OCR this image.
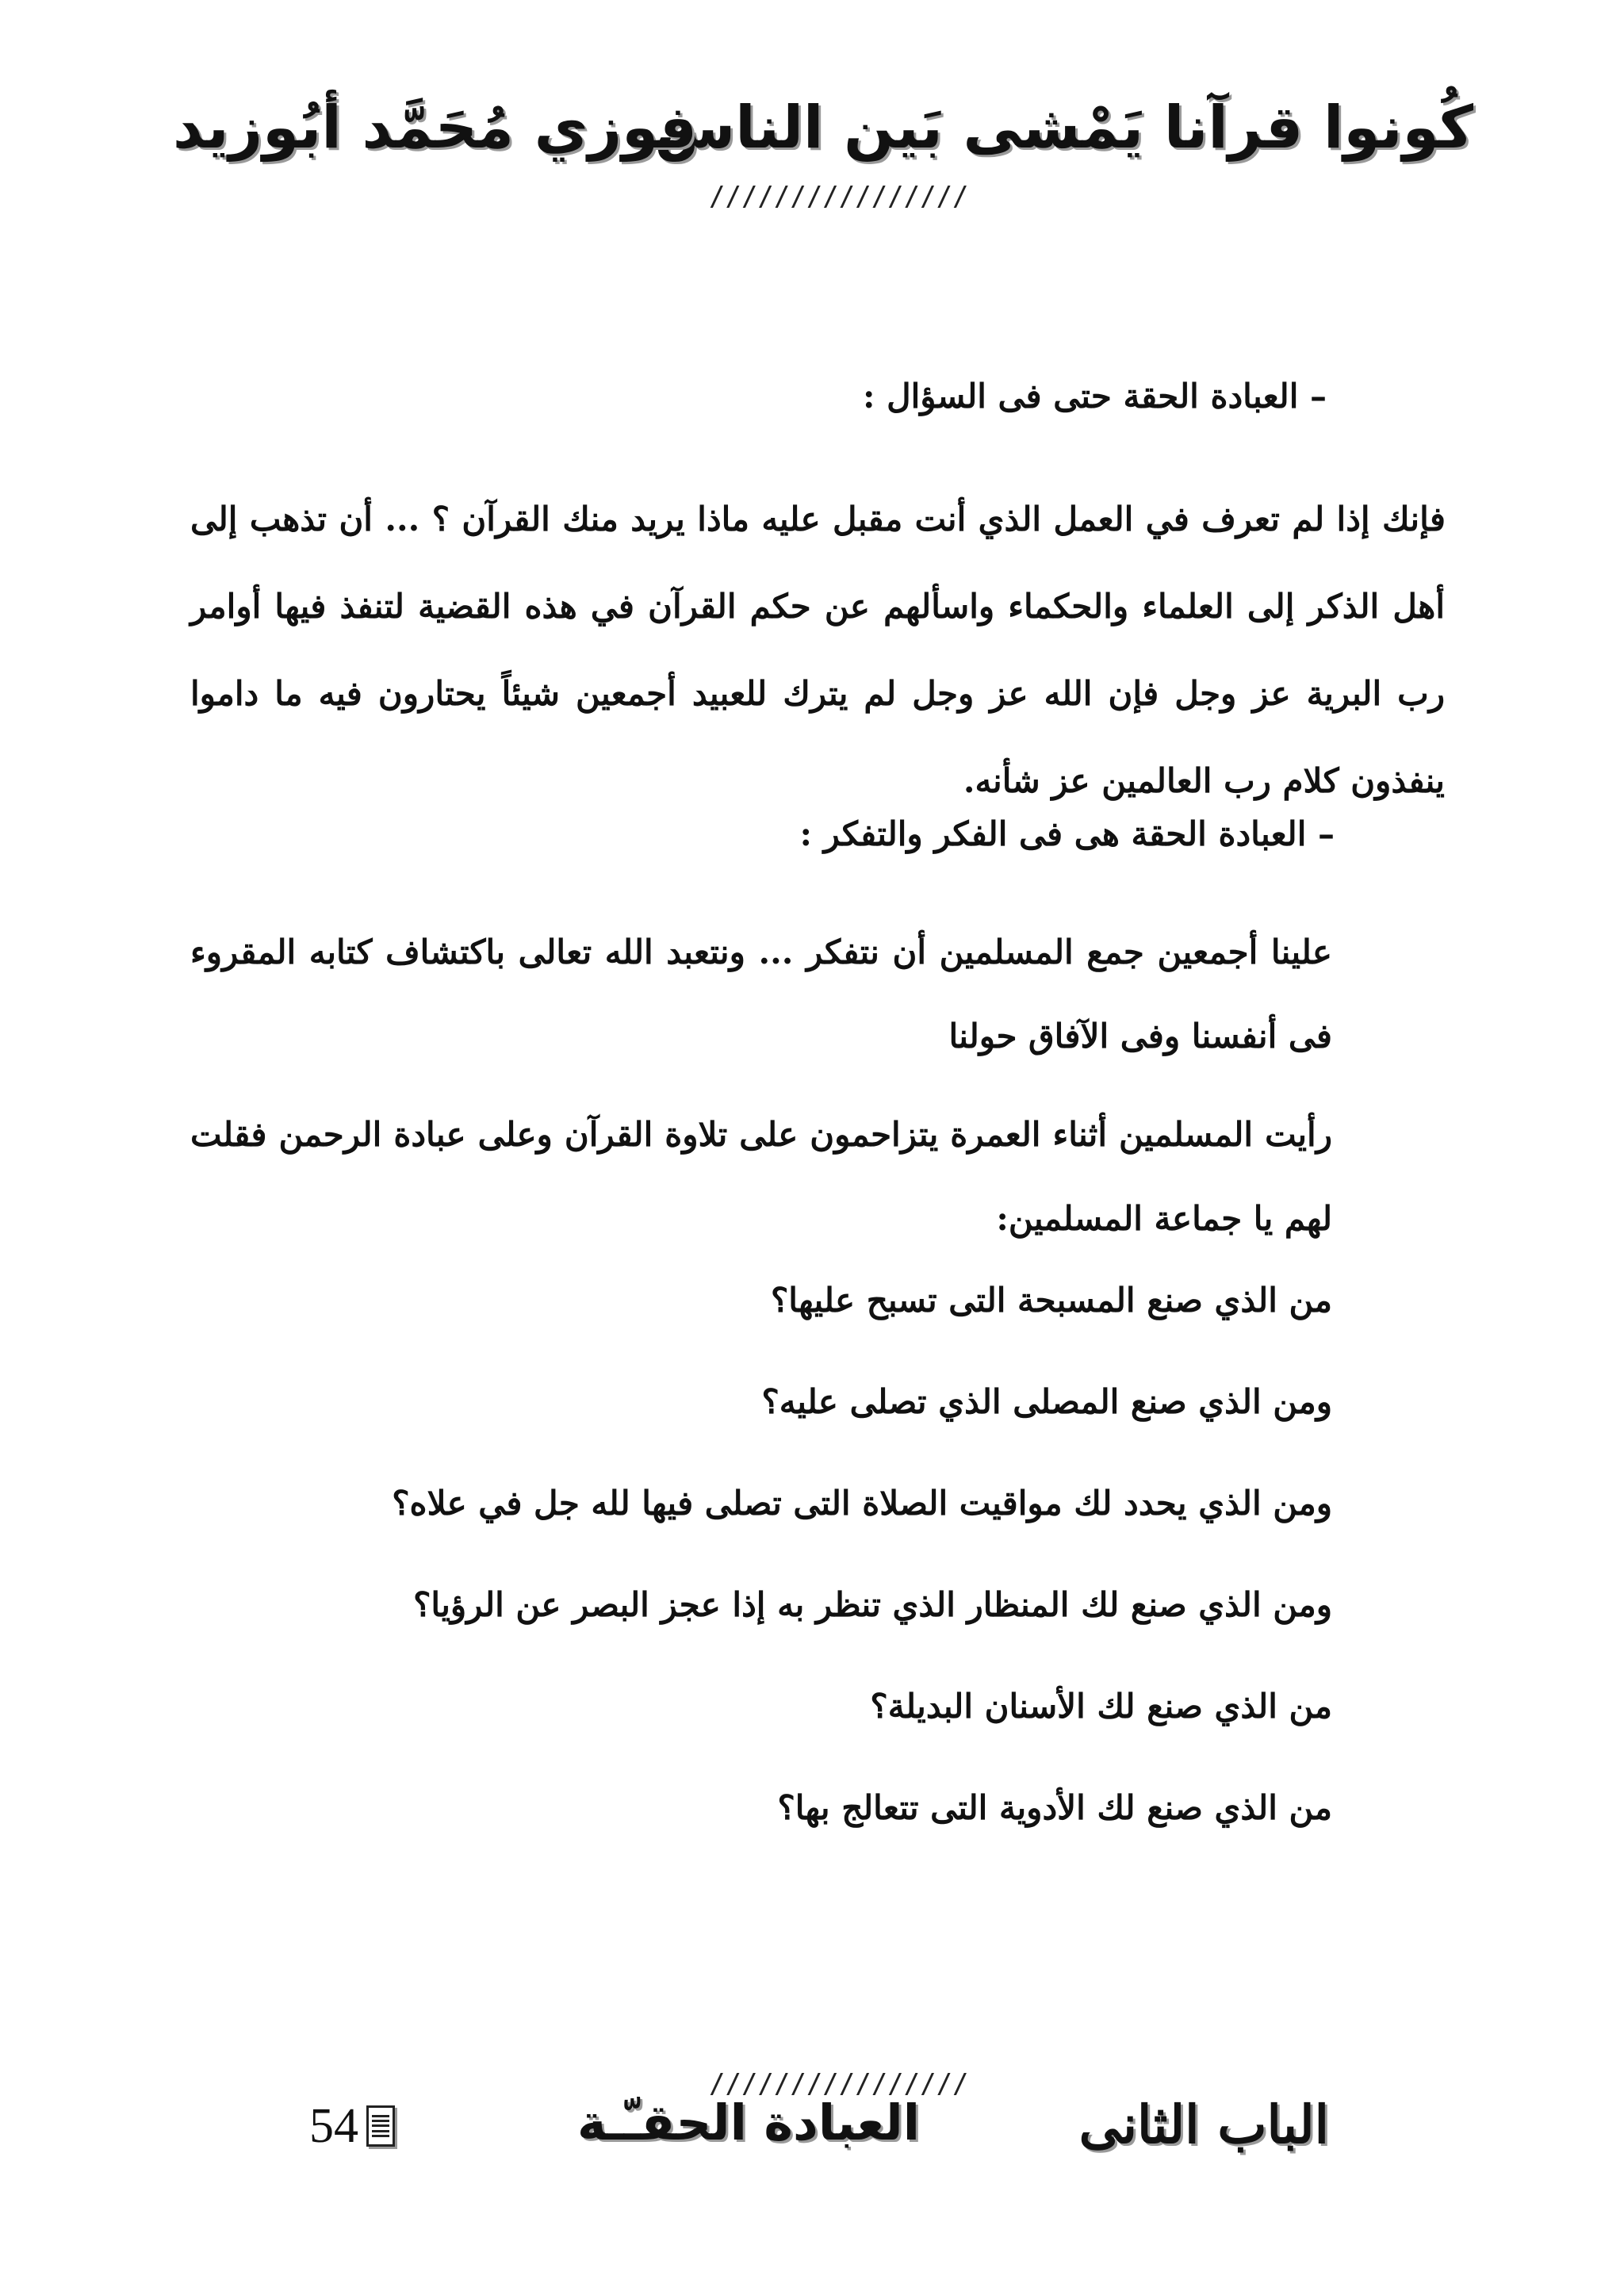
كُونوا قرآنا يَمْشى بَين الناس
فوزي مُحَمَّد أبُوزيد
////////////////
– العبادة الحقة حتى فى السؤال :
فإنك إذا لم تعرف في العمل الذي أنت مقبل عليه ماذا يريد منك القرآن ؟ ... أن تذهب إلى أهل الذكر إلى العلماء والحكماء واسألهم عن حكم القرآن في هذه القضية لتنفذ فيها أوامر رب البرية عز وجل فإن الله عز وجل لم يترك للعبيد أجمعين شيئاً يحتارون فيه ما داموا ينفذون كلام رب العالمين عز شأنه.
– العبادة الحقة هى فى الفكر والتفكر :
علينا أجمعين جمع المسلمين أن نتفكر ... ونتعبد الله تعالى باكتشاف كتابه المقروء فى أنفسنا وفى الآفاق حولنا
رأيت المسلمين أثناء العمرة يتزاحمون على تلاوة القرآن وعلى عبادة الرحمن فقلت لهم يا جماعة المسلمين:
من الذي صنع المسبحة التى تسبح عليها؟
ومن الذي صنع المصلى الذي تصلى عليه؟
ومن الذي يحدد لك مواقيت الصلاة التى تصلى فيها لله جل في علاه؟
ومن الذي صنع لك المنظار الذي تنظر به إذا عجز البصر عن الرؤيا؟
من الذي صنع لك الأسنان البديلة؟
من الذي صنع لك الأدوية التى تتعالج بها؟
////////////////
الباب الثانى
العبادة الحقـّـة
54
